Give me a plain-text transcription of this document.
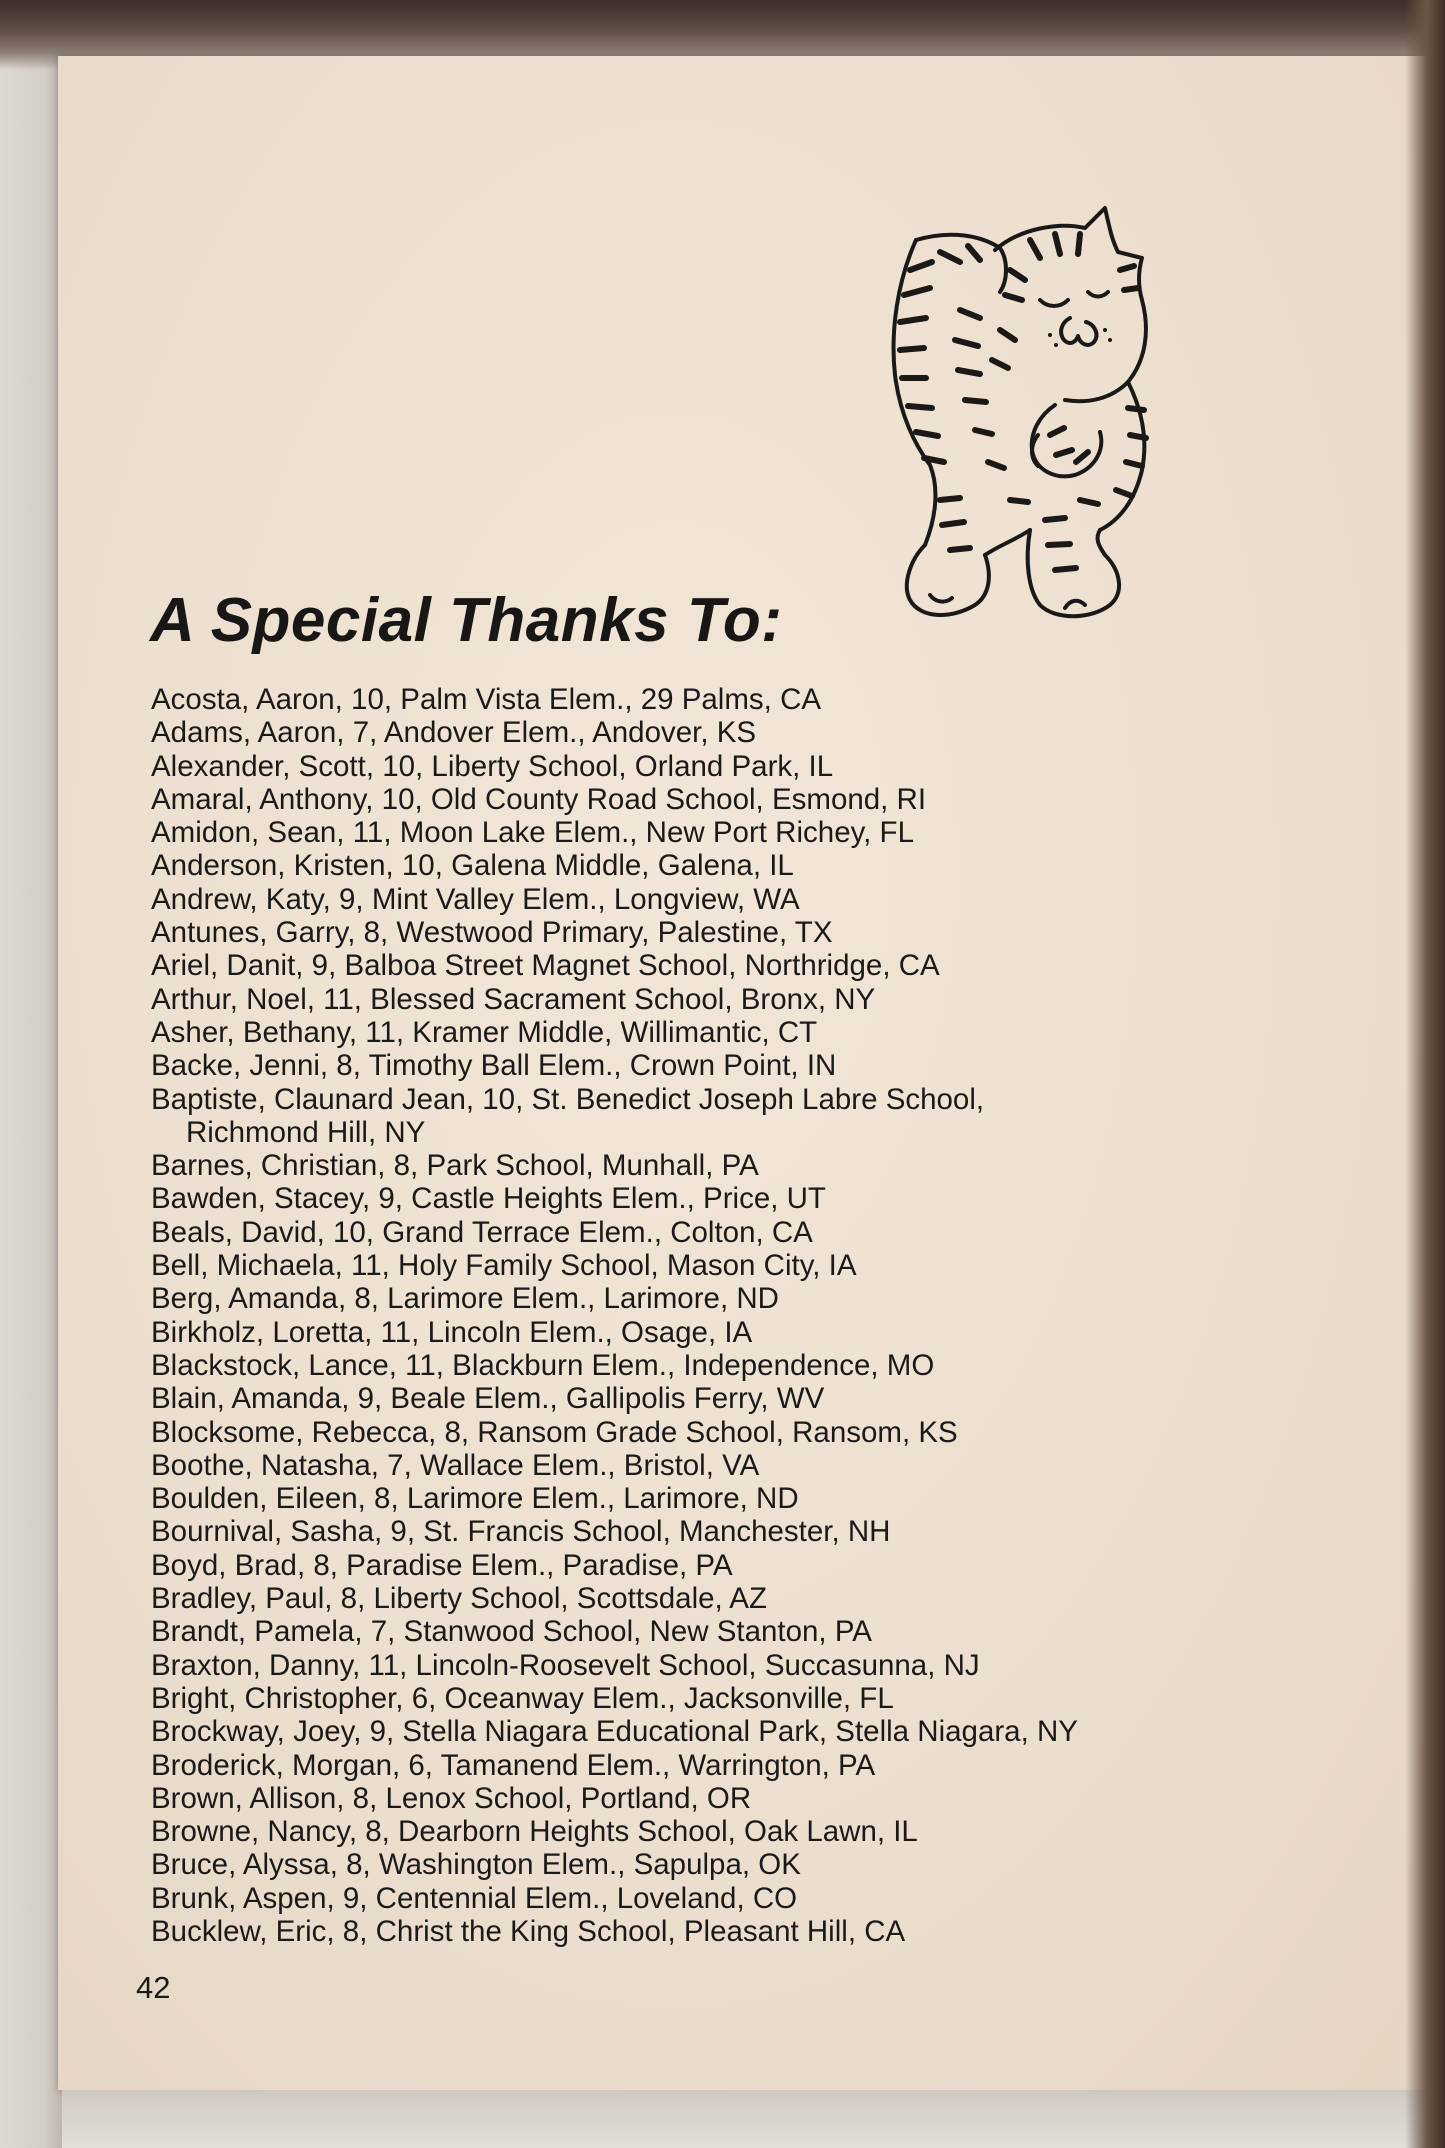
A Special Thanks To:
Acosta, Aaron, 10, Palm Vista Elem., 29 Palms, CA
Adams, Aaron, 7, Andover Elem., Andover, KS
Alexander, Scott, 10, Liberty School, Orland Park, IL
Amaral, Anthony, 10, Old County Road School, Esmond, RI
Amidon, Sean, 11, Moon Lake Elem., New Port Richey, FL
Anderson, Kristen, 10, Galena Middle, Galena, IL
Andrew, Katy, 9, Mint Valley Elem., Longview, WA
Antunes, Garry, 8, Westwood Primary, Palestine, TX
Ariel, Danit, 9, Balboa Street Magnet School, Northridge, CA
Arthur, Noel, 11, Blessed Sacrament School, Bronx, NY
Asher, Bethany, 11, Kramer Middle, Willimantic, CT
Backe, Jenni, 8, Timothy Ball Elem., Crown Point, IN
Baptiste, Claunard Jean, 10, St. Benedict Joseph Labre School,
Richmond Hill, NY
Barnes, Christian, 8, Park School, Munhall, PA
Bawden, Stacey, 9, Castle Heights Elem., Price, UT
Beals, David, 10, Grand Terrace Elem., Colton, CA
Bell, Michaela, 11, Holy Family School, Mason City, IA
Berg, Amanda, 8, Larimore Elem., Larimore, ND
Birkholz, Loretta, 11, Lincoln Elem., Osage, IA
Blackstock, Lance, 11, Blackburn Elem., Independence, MO
Blain, Amanda, 9, Beale Elem., Gallipolis Ferry, WV
Blocksome, Rebecca, 8, Ransom Grade School, Ransom, KS
Boothe, Natasha, 7, Wallace Elem., Bristol, VA
Boulden, Eileen, 8, Larimore Elem., Larimore, ND
Bournival, Sasha, 9, St. Francis School, Manchester, NH
Boyd, Brad, 8, Paradise Elem., Paradise, PA
Bradley, Paul, 8, Liberty School, Scottsdale, AZ
Brandt, Pamela, 7, Stanwood School, New Stanton, PA
Braxton, Danny, 11, Lincoln-Roosevelt School, Succasunna, NJ
Bright, Christopher, 6, Oceanway Elem., Jacksonville, FL
Brockway, Joey, 9, Stella Niagara Educational Park, Stella Niagara, NY
Broderick, Morgan, 6, Tamanend Elem., Warrington, PA
Brown, Allison, 8, Lenox School, Portland, OR
Browne, Nancy, 8, Dearborn Heights School, Oak Lawn, IL
Bruce, Alyssa, 8, Washington Elem., Sapulpa, OK
Brunk, Aspen, 9, Centennial Elem., Loveland, CO
Bucklew, Eric, 8, Christ the King School, Pleasant Hill, CA
42
